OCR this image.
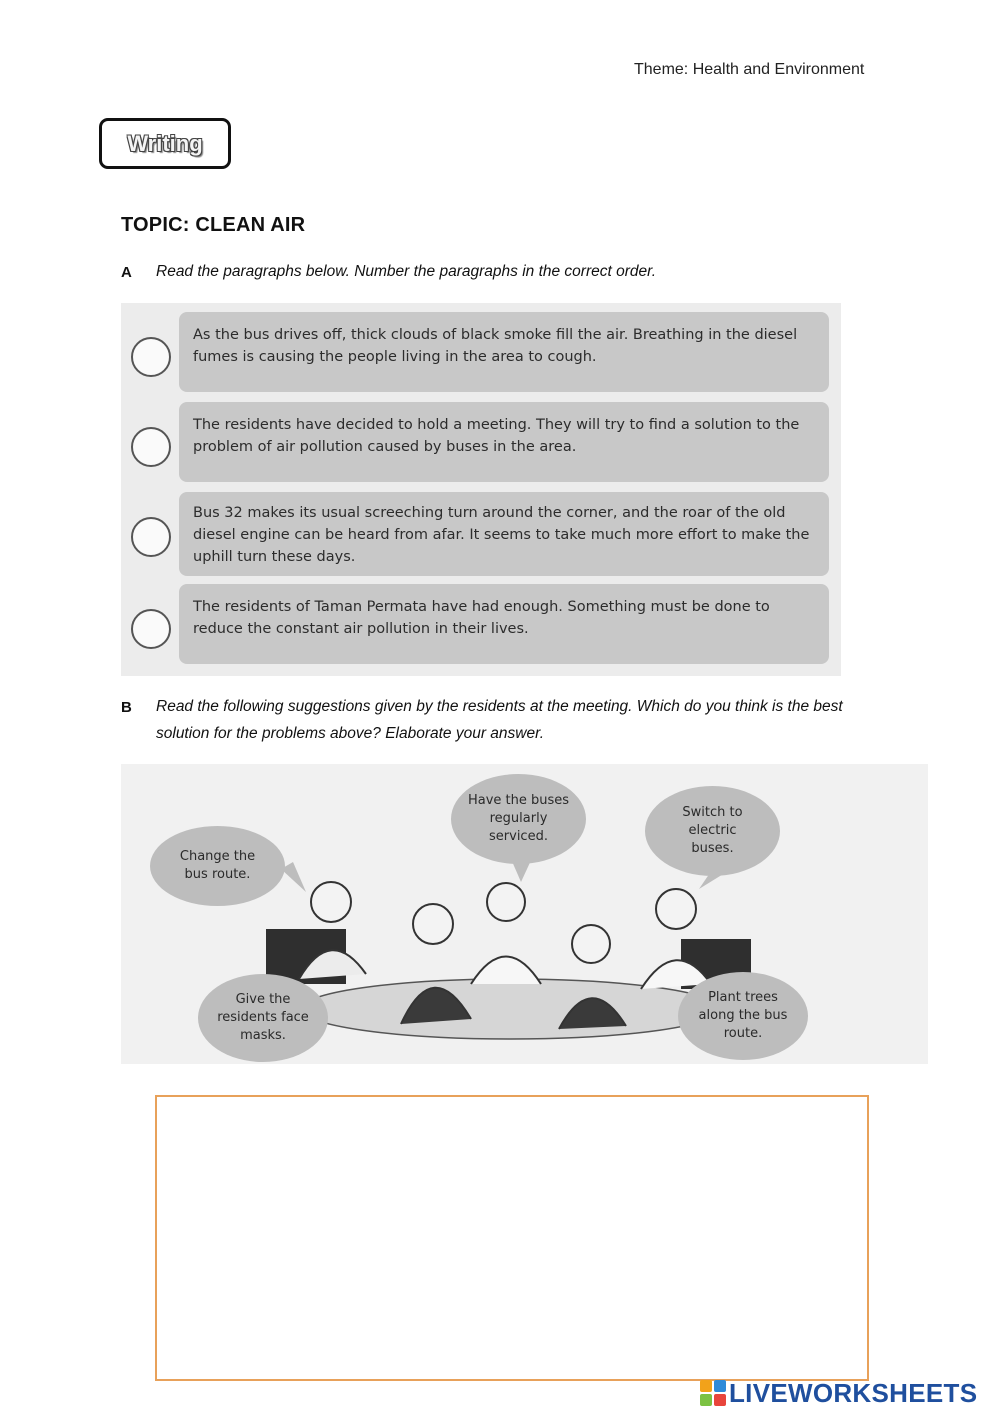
Theme: Health and Environment
Writing
TOPIC: CLEAN AIR
A Read the paragraphs below. Number the paragraphs in the correct order.
As the bus drives off, thick clouds of black smoke fill the air. Breathing in the diesel fumes is causing the people living in the area to cough.
The residents have decided to hold a meeting. They will try to find a solution to the problem of air pollution caused by buses in the area.
Bus 32 makes its usual screeching turn around the corner, and the roar of the old diesel engine can be heard from afar. It seems to take much more effort to make the uphill turn these days.
The residents of Taman Permata have had enough. Something must be done to reduce the constant air pollution in their lives.
B Read the following suggestions given by the residents at the meeting. Which do you think is the best solution for the problems above? Elaborate your answer.
Change the bus route.
Have the buses regularly serviced.
Switch to electric buses.
Give the residents face masks.
Plant trees along the bus route.
LIVEWORKSHEETS
